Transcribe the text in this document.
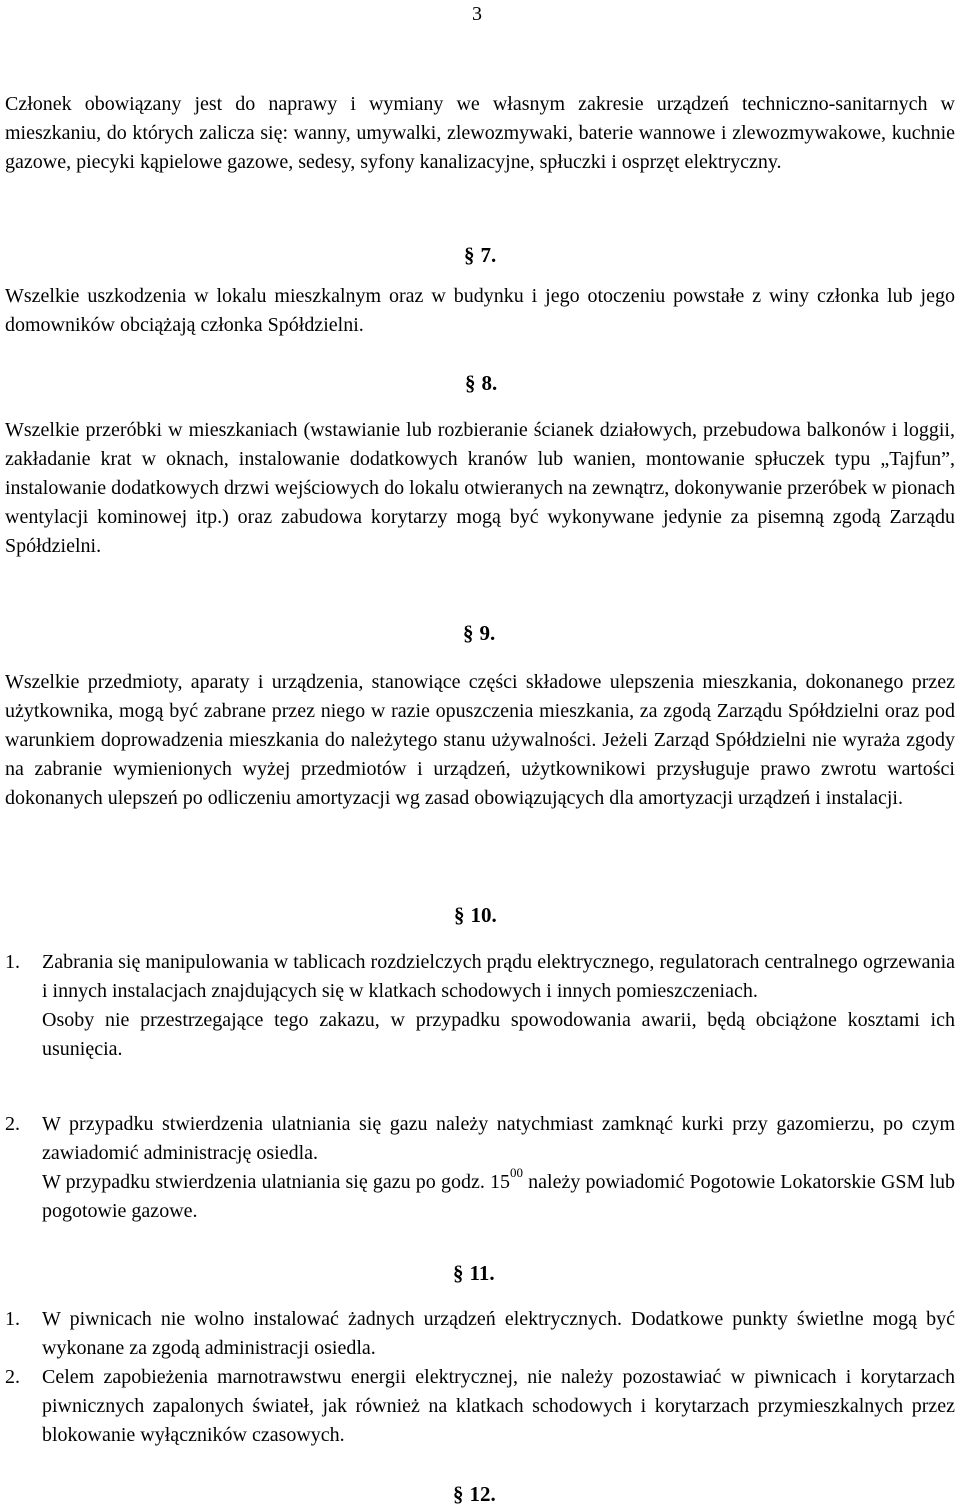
3

Członek obowiązany jest do naprawy i wymiany we własnym zakresie urządzeń techniczno-sanitarnych w mieszkaniu, do których zalicza się: wanny, umywalki, zlewozmywaki, baterie wannowe i zlewozmywakowe, kuchnie gazowe, piecyki kąpielowe gazowe, sedesy, syfony kanalizacyjne, spłuczki i osprzęt elektryczny.

§ 7.

Wszelkie uszkodzenia w lokalu mieszkalnym oraz w budynku i jego otoczeniu powstałe z winy członka lub jego domowników obciążają członka Spółdzielni.

§ 8.

Wszelkie przeróbki w mieszkaniach (wstawianie lub rozbieranie ścianek działowych, przebudowa balkonów i loggii, zakładanie krat w oknach, instalowanie dodatkowych kranów lub wanien, montowanie spłuczek typu „Tajfun”, instalowanie dodatkowych drzwi wejściowych do lokalu otwieranych na zewnątrz, dokonywanie przeróbek w pionach wentylacji kominowej itp.) oraz zabudowa korytarzy mogą być wykonywane jedynie za pisemną zgodą Zarządu Spółdzielni.

§ 9.

Wszelkie przedmioty, aparaty i urządzenia, stanowiące części składowe ulepszenia mieszkania, dokonanego przez użytkownika, mogą być zabrane przez niego w razie opuszczenia mieszkania, za zgodą Zarządu Spółdzielni oraz pod warunkiem doprowadzenia mieszkania do należytego stanu używalności. Jeżeli Zarząd Spółdzielni nie wyraża zgody na zabranie wymienionych wyżej przedmiotów i urządzeń, użytkownikowi przysługuje prawo zwrotu wartości dokonanych ulepszeń po odliczeniu amortyzacji wg zasad obowiązujących dla amortyzacji urządzeń i instalacji.

§ 10.
1.	Zabrania się manipulowania w tablicach rozdzielczych prądu elektrycznego, regulatorach centralnego ogrzewania i innych instalacjach znajdujących się w klatkach schodowych i innych pomieszczeniach.

Osoby nie przestrzegające tego zakazu, w przypadku spowodowania awarii, będą obciążone kosztami ich usunięcia.

2.	W przypadku stwierdzenia ulatniania się gazu należy natychmiast zamknąć kurki przy gazomierzu, po czym zawiadomić administrację osiedla.

W przypadku stwierdzenia ulatniania się gazu po godz. $15^{00}$ należy powiadomić Pogotowie Lokatorskie GSM lub pogotowie gazowe.

§ 11.
1.	W piwnicach nie wolno instalować żadnych urządzeń elektrycznych. Dodatkowe punkty świetlne mogą być wykonane za zgodą administracji osiedla.

2.	Celem zapobieżenia marnotrawstwu energii elektrycznej, nie należy pozostawiać w piwnicach i korytarzach piwnicznych zapalonych świateł, jak również na klatkach schodowych i korytarzach przymieszkalnych przez blokowanie wyłączników czasowych.

§ 12.
